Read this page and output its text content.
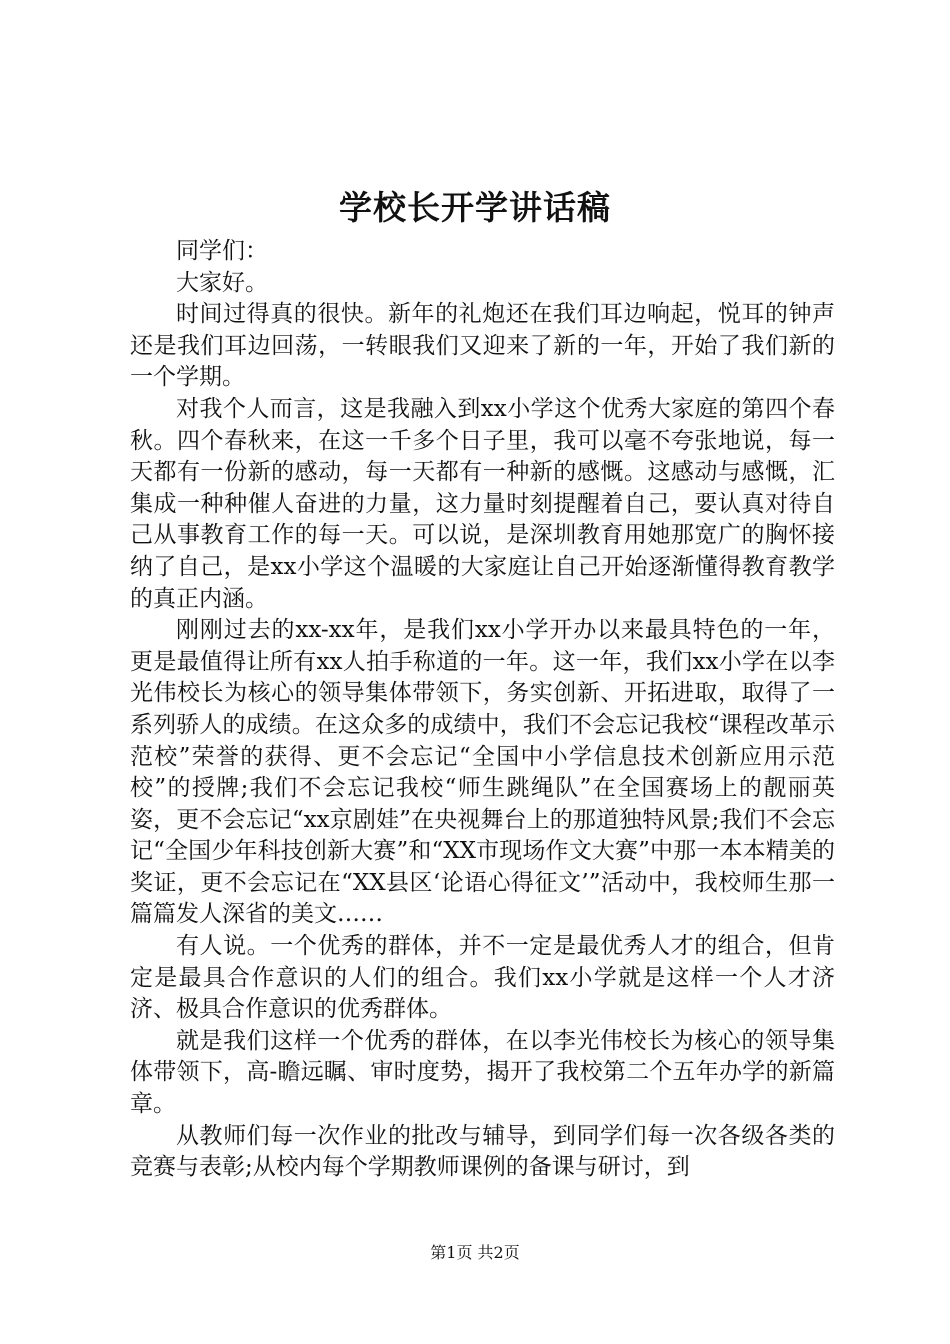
学校长开学讲话稿

同学们：

大家好。

时间过得真的很快。新年的礼炮还在我们耳边响起，悦耳的钟声还是我们耳边回荡，一转眼我们又迎来了新的一年，开始了我们新的一个学期。

对我个人而言，这是我融入到xx小学这个优秀大家庭的第四个春秋。四个春秋来，在这一千多个日子里，我可以毫不夸张地说，每一天都有一份新的感动，每一天都有一种新的感慨。这感动与感慨，汇集成一种种催人奋进的力量，这力量时刻提醒着自己，要认真对待自己从事教育工作的每一天。可以说，是深圳教育用她那宽广的胸怀接纳了自己，是xx小学这个温暖的大家庭让自己开始逐渐懂得教育教学的真正内涵。

刚刚过去的xx-xx年，是我们xx小学开办以来最具特色的一年，更是最值得让所有xx人拍手称道的一年。这一年，我们xx小学在以李光伟校长为核心的领导集体带领下，务实创新、开拓进取，取得了一系列骄人的成绩。在这众多的成绩中，我们不会忘记我校“课程改革示范校”荣誉的获得、更不会忘记“全国中小学信息技术创新应用示范校”的授牌;我们不会忘记我校“师生跳绳队”在全国赛场上的靓丽英姿，更不会忘记“xx京剧娃”在央视舞台上的那道独特风景;我们不会忘记“全国少年科技创新大赛”和“XX市现场作文大赛”中那一本本精美的奖证，更不会忘记在“XX县区‘论语心得征文’”活动中，我校师生那一篇篇发人深省的美文……

有人说。一个优秀的群体，并不一定是最优秀人才的组合，但肯定是最具合作意识的人们的组合。我们xx小学就是这样一个人才济济、极具合作意识的优秀群体。

就是我们这样一个优秀的群体，在以李光伟校长为核心的领导集体带领下，高-瞻远瞩、审时度势，揭开了我校第二个五年办学的新篇章。

从教师们每一次作业的批改与辅导，到同学们每一次各级各类的竞赛与表彰;从校内每个学期教师课例的备课与研讨，到

第1页 共2页
